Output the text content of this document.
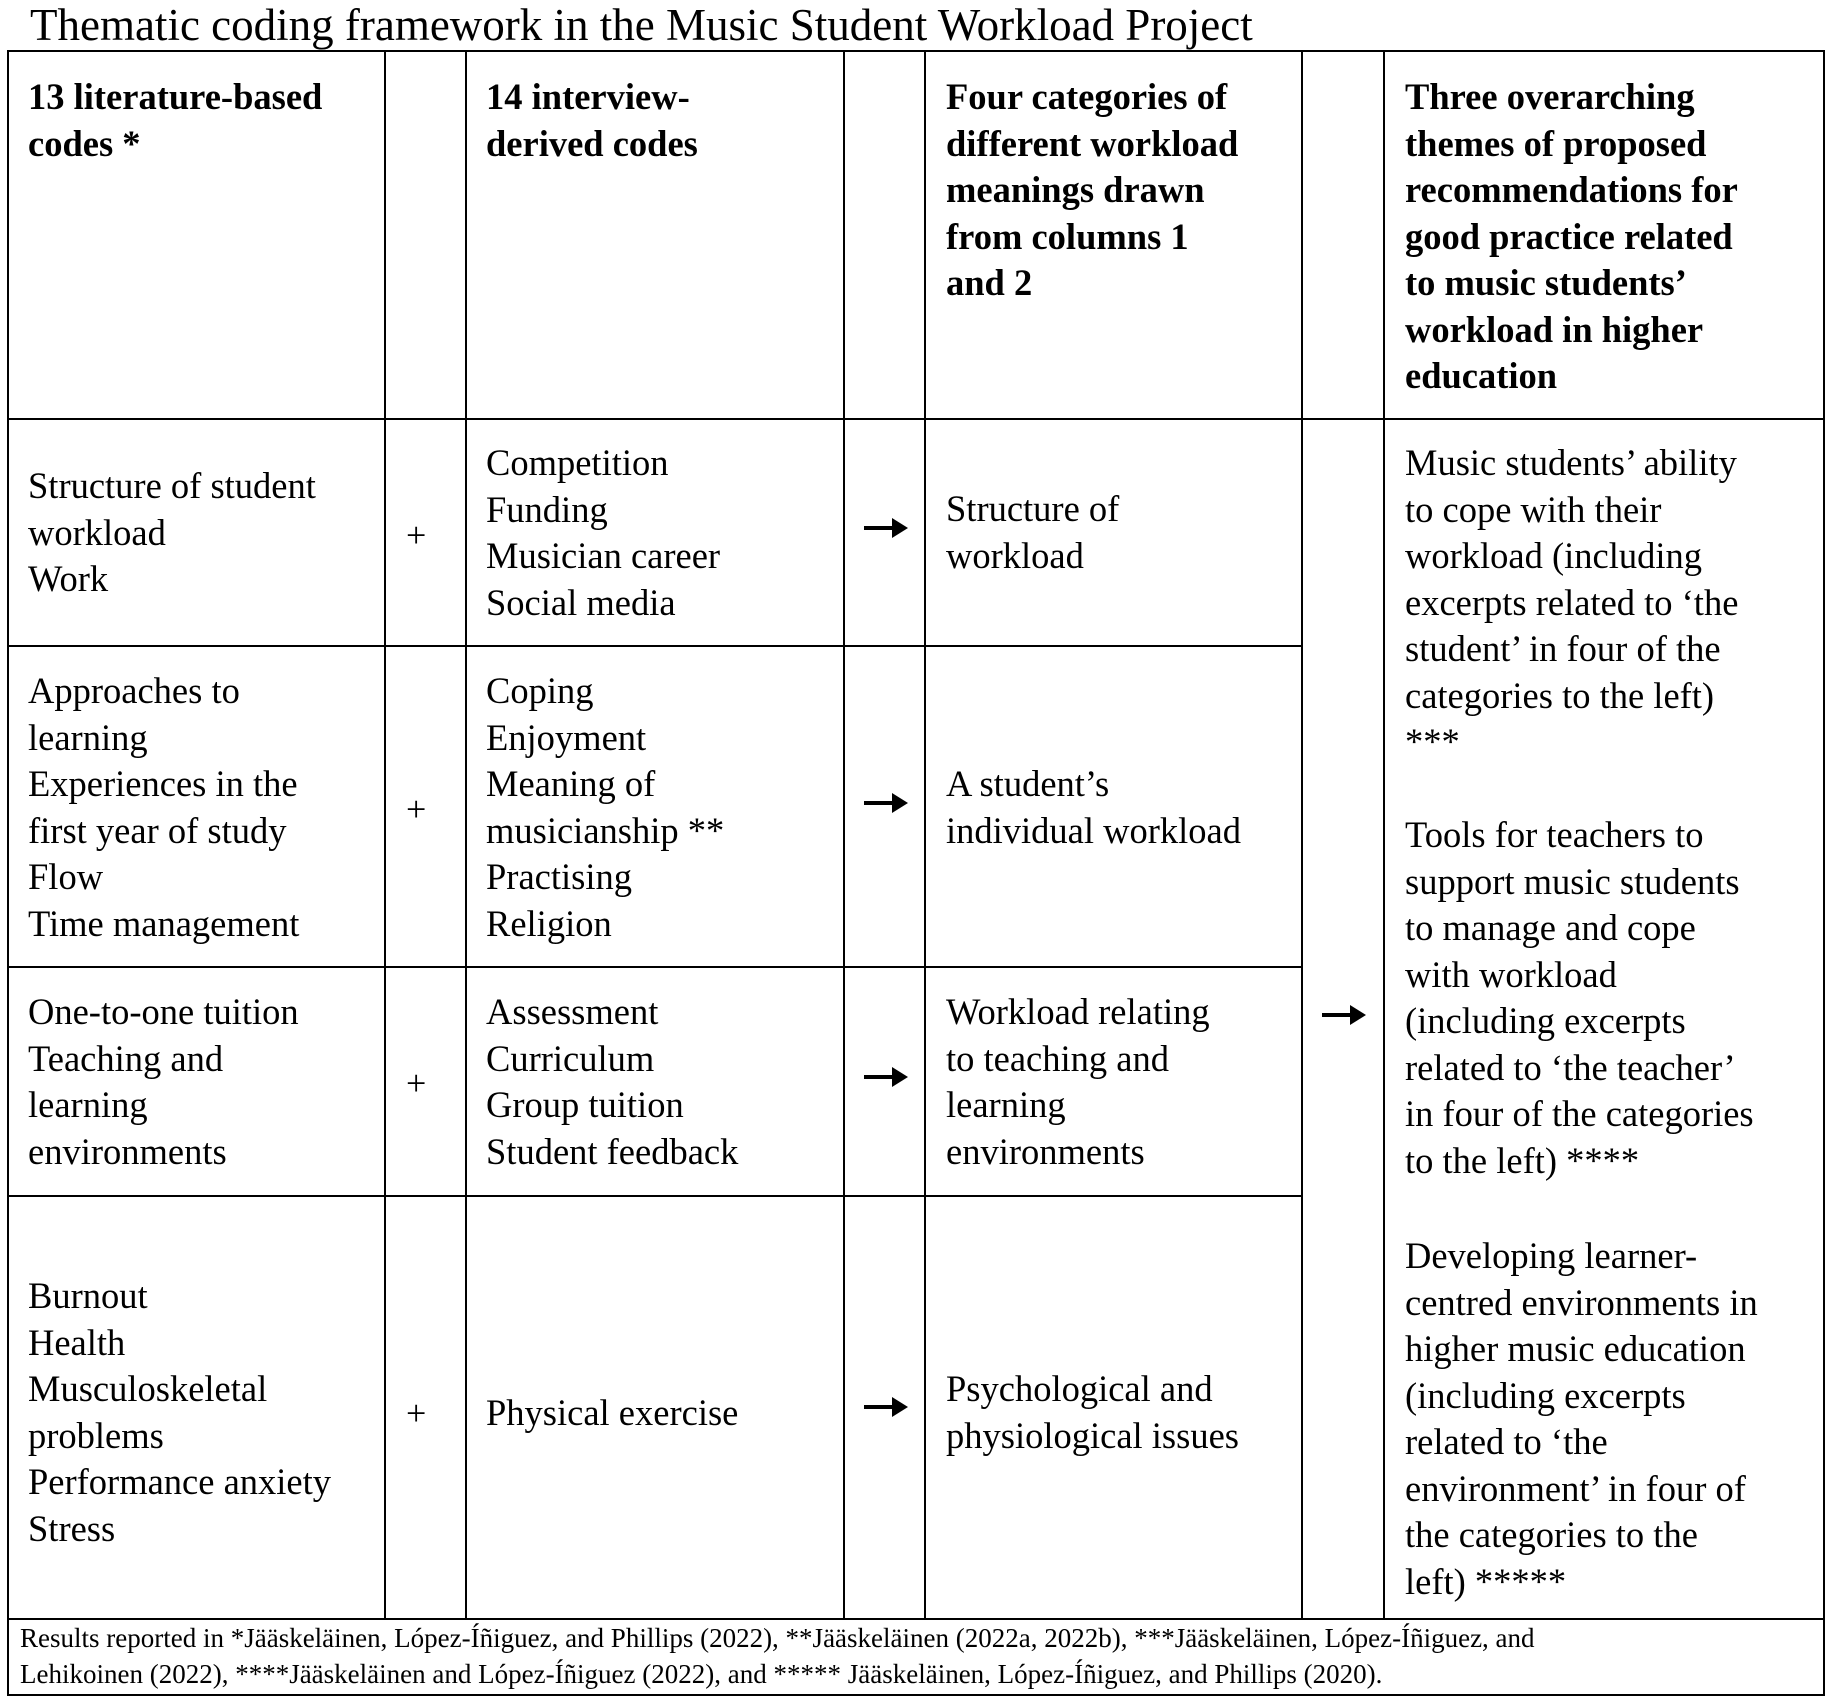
Thematic coding framework in the Music Student Workload Project
13 literature-based
codes *
14 interview-
derived codes
Four categories of
different workload
meanings drawn
from columns 1
and 2
Three overarching
themes of proposed
recommendations for
good practice related
to music students’
workload in higher
education
Structure of student
workload
Work
+
Competition
Funding
Musician career
Social media
Structure of
workload
Approaches to
learning
Experiences in the
first year of study
Flow
Time management
+
Coping
Enjoyment
Meaning of
musicianship **
Practising
Religion
A student’s
individual workload
One-to-one tuition
Teaching and
learning
environments
+
Assessment
Curriculum
Group tuition
Student feedback
Workload relating
to teaching and
learning
environments
Burnout
Health
Musculoskeletal
problems
Performance anxiety
Stress
+ Physical exercise
Psychological and
physiological issues
Music students’ ability
to cope with their
workload (including
excerpts related to ‘the
student’ in four of the
categories to the left)
***
Tools for teachers to
support music students
to manage and cope
with workload
(including excerpts
related to ‘the teacher’
in four of the categories
to the left) ****
Developing learner-
centred environments in
higher music education
(including excerpts
related to ‘the
environment’ in four of
the categories to the
left) *****
Results reported in *Jääskeläinen, López-Íñiguez, and Phillips (2022), **Jääskeläinen (2022a, 2022b), ***Jääskeläinen, López-Íñiguez, and
Lehikoinen (2022), ****Jääskeläinen and López-Íñiguez (2022), and ***** Jääskeläinen, López-Íñiguez, and Phillips (2020).
